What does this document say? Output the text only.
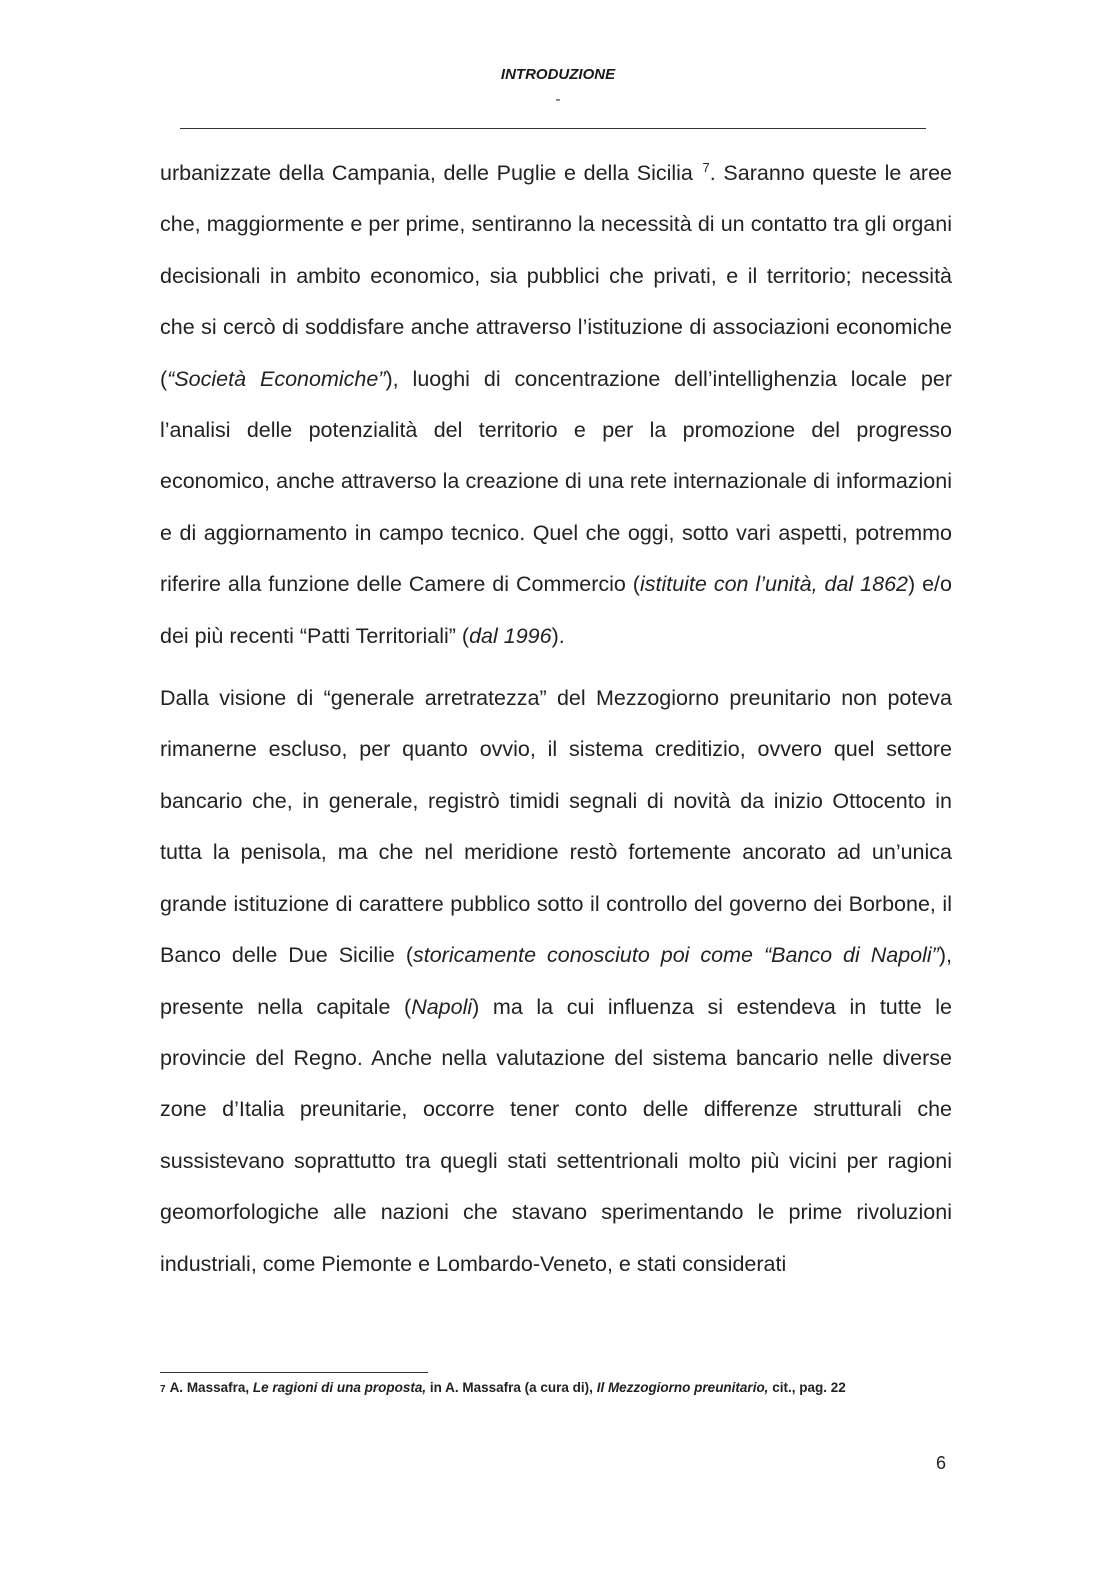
INTRODUZIONE
-

urbanizzate della Campania, delle Puglie e della Sicilia $^7$. Saranno queste le aree che, maggiormente e per prime, sentiranno la necessità di un contatto tra gli organi decisionali in ambito economico, sia pubblici che privati, e il territorio; necessità che si cercò di soddisfare anche attraverso l’istituzione di associazioni economiche (“Società Economiche”), luoghi di concentrazione dell’intellighenzia locale per l’analisi delle potenzialità del territorio e per la promozione del progresso economico, anche attraverso la creazione di una rete internazionale di informazioni e di aggiornamento in campo tecnico. Quel che oggi, sotto vari aspetti, potremmo riferire alla funzione delle Camere di Commercio (istituite con l’unità, dal 1862) e/o dei più recenti “Patti Territoriali” (dal 1996).

Dalla visione di “generale arretratezza” del Mezzogiorno preunitario non poteva rimanerne escluso, per quanto ovvio, il sistema creditizio, ovvero quel settore bancario che, in generale, registrò timidi segnali di novità da inizio Ottocento in tutta la penisola, ma che nel meridione restò fortemente ancorato ad un’unica grande istituzione di carattere pubblico sotto il controllo del governo dei Borbone, il Banco delle Due Sicilie (storicamente conosciuto poi come “Banco di Napoli”), presente nella capitale (Napoli) ma la cui influenza si estendeva in tutte le provincie del Regno. Anche nella valutazione del sistema bancario nelle diverse zone d’Italia preunitarie, occorre tener conto delle differenze strutturali che sussistevano soprattutto tra quegli stati settentrionali molto più vicini per ragioni geomorfologiche alle nazioni che stavano sperimentando le prime rivoluzioni industriali, come Piemonte e Lombardo-Veneto, e stati considerati

7 A. Massafra, Le ragioni di una proposta, in A. Massafra (a cura di), Il Mezzogiorno preunitario, cit., pag. 22
6
